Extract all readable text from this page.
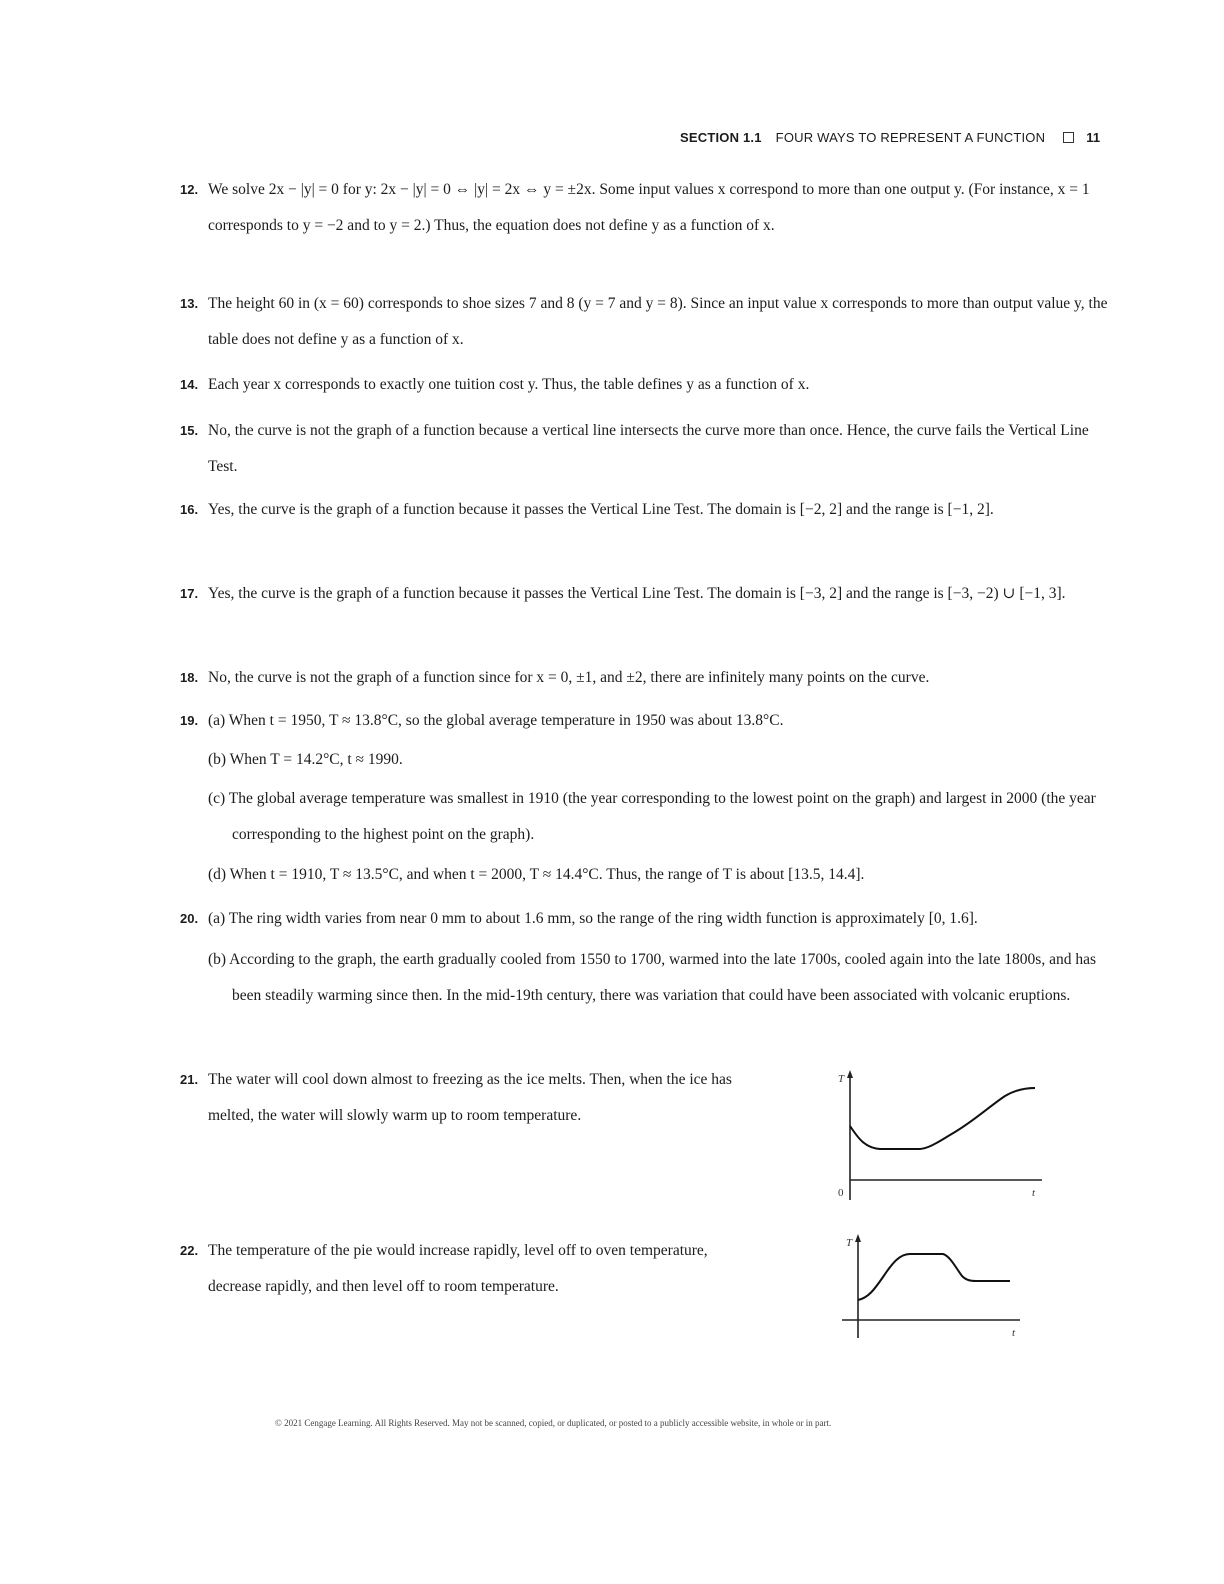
SECTION 1.1 FOUR WAYS TO REPRESENT A FUNCTION	11
12. We solve 2x − |y| = 0 for y: 2x − |y| = 0 ⇔ |y| = 2x ⇔ y = ±2x. Some input values x correspond to more than one output y. (For instance, x = 1 corresponds to y = −2 and to y = 2.) Thus, the equation does not define y as a function of x.
13. The height 60 in (x = 60) corresponds to shoe sizes 7 and 8 (y = 7 and y = 8). Since an input value x corresponds to more than output value y, the table does not define y as a function of x.
14. Each year x corresponds to exactly one tuition cost y. Thus, the table defines y as a function of x.
15. No, the curve is not the graph of a function because a vertical line intersects the curve more than once. Hence, the curve fails the Vertical Line Test.
16. Yes, the curve is the graph of a function because it passes the Vertical Line Test. The domain is [−2, 2] and the range is [−1, 2].
17. Yes, the curve is the graph of a function because it passes the Vertical Line Test. The domain is [−3, 2] and the range is [−3, −2) ∪ [−1, 3].
18. No, the curve is not the graph of a function since for x = 0, ±1, and ±2, there are infinitely many points on the curve.
19. (a) When t = 1950, T ≈ 13.8°C, so the global average temperature in 1950 was about 13.8°C.
(b) When T = 14.2°C, t ≈ 1990.
(c) The global average temperature was smallest in 1910 (the year corresponding to the lowest point on the graph) and largest in 2000 (the year corresponding to the highest point on the graph).
(d) When t = 1910, T ≈ 13.5°C, and when t = 2000, T ≈ 14.4°C. Thus, the range of T is about [13.5, 14.4].
20. (a) The ring width varies from near 0 mm to about 1.6 mm, so the range of the ring width function is approximately [0, 1.6].
(b) According to the graph, the earth gradually cooled from 1550 to 1700, warmed into the late 1700s, cooled again into the late 1800s, and has been steadily warming since then. In the mid-19th century, there was variation that could have been associated with volcanic eruptions.
21. The water will cool down almost to freezing as the ice melts. Then, when the ice has melted, the water will slowly warm up to room temperature.
T
0	t
22. The temperature of the pie would increase rapidly, level off to oven temperature, decrease rapidly, and then level off to room temperature.
T
t
© 2021 Cengage Learning. All Rights Reserved. May not be scanned, copied, or duplicated, or posted to a publicly accessible website, in whole or in part.
